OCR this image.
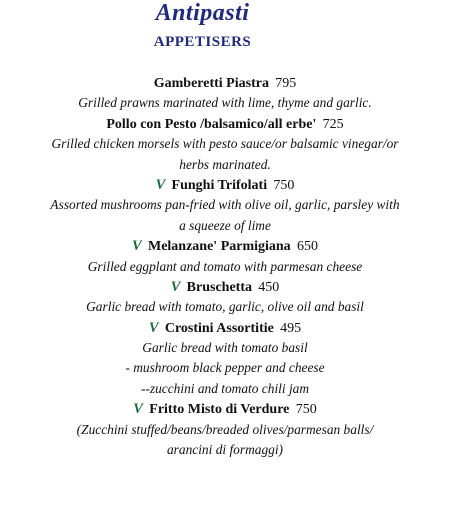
Antipasti
APPETISERS
Gamberetti Piastra 795
Grilled prawns marinated with lime, thyme and garlic.
Pollo con Pesto /balsamico/all erbe' 725
Grilled chicken morsels with pesto sauce/or balsamic vinegar/or
herbs marinated.
V Funghi Trifolati 750
Assorted mushrooms pan-fried with olive oil, garlic, parsley with
a squeeze of lime
V Melanzane' Parmigiana 650
Grilled eggplant and tomato with parmesan cheese
V Bruschetta 450
Garlic bread with tomato, garlic, olive oil and basil
V Crostini Assortitie 495
Garlic bread with tomato basil
- mushroom black pepper and cheese
--zucchini and tomato chili jam
V Fritto Misto di Verdure 750
(Zucchini stuffed/beans/breaded olives/parmesan balls/
arancini di formaggi)
